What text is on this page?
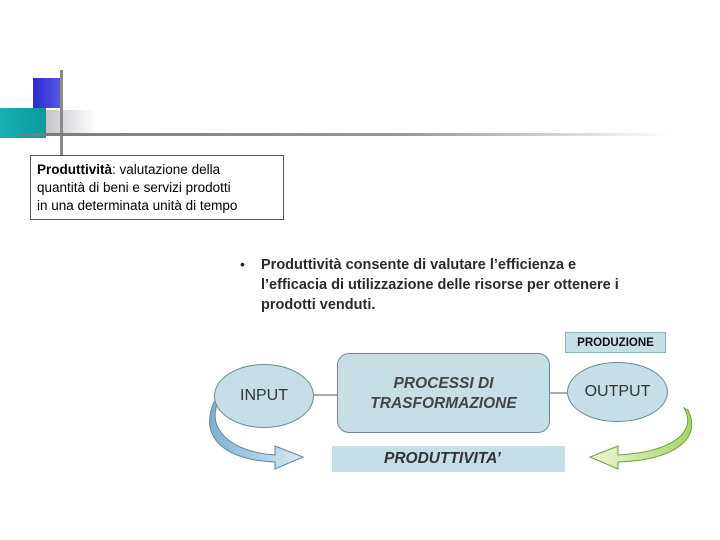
Produttività: valutazione della
quantità di beni e servizi prodotti
in una determinata unità di tempo
• Produttività consente di valutare l’efficienza e
l’efficacia di utilizzazione delle risorse per ottenere i
prodotti venduti.
PRODUZIONE
INPUT
PROCESSI DI
TRASFORMAZIONE
OUTPUT
PRODUTTIVITA’
